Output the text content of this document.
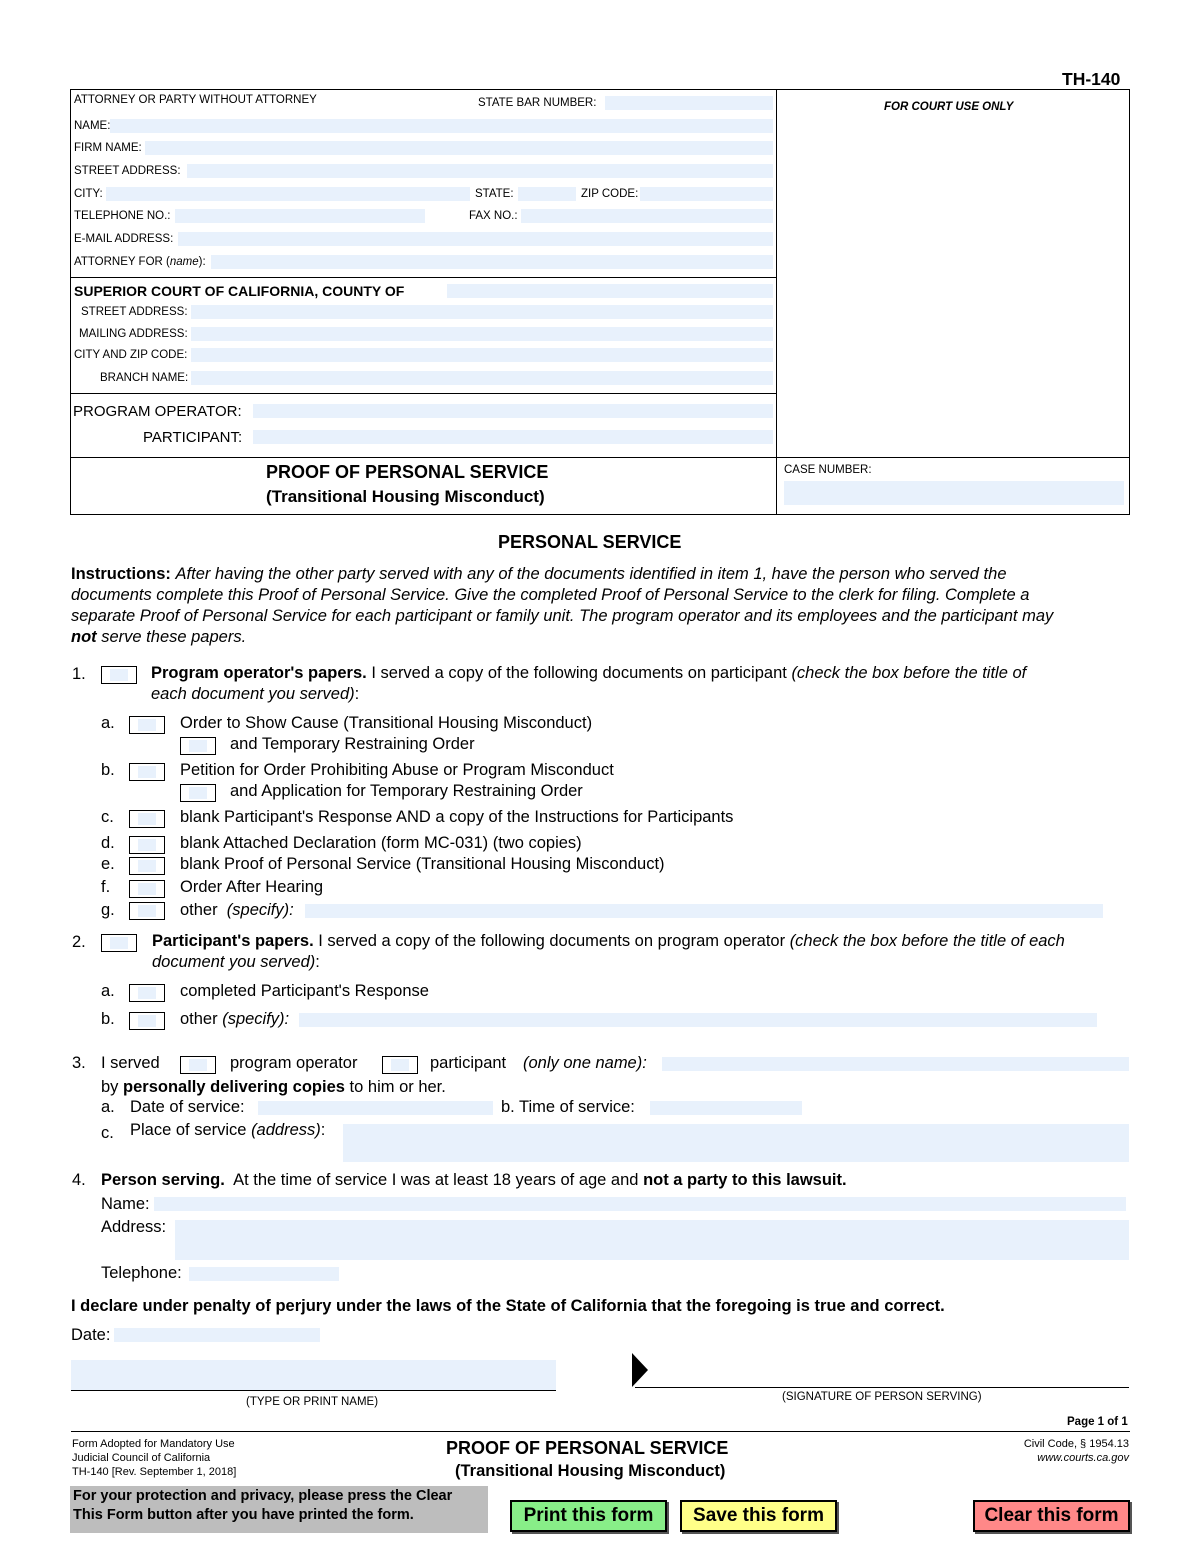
TH-140
ATTORNEY OR PARTY WITHOUT ATTORNEY	STATE BAR NUMBER:
NAME:
FIRM NAME:
STREET ADDRESS:
CITY:	STATE:	ZIP CODE:
TELEPHONE NO.:	FAX NO.:
E-MAIL ADDRESS:
ATTORNEY FOR (name):
FOR COURT USE ONLY
SUPERIOR COURT OF CALIFORNIA, COUNTY OF
STREET ADDRESS:
MAILING ADDRESS:
CITY AND ZIP CODE:
BRANCH NAME:
PROGRAM OPERATOR:
PARTICIPANT:
PROOF OF PERSONAL SERVICE
(Transitional Housing Misconduct)
CASE NUMBER:
PERSONAL SERVICE
Instructions: After having the other party served with any of the documents identified in item 1, have the person who served the
documents complete this Proof of Personal Service. Give the completed Proof of Personal Service to the clerk for filing. Complete a
separate Proof of Personal Service for each participant or family unit. The program operator and its employees and the participant may
not serve these papers.
1.	Program operator's papers. I served a copy of the following documents on participant (check the box before the title of
each document you served):
a.	Order to Show Cause (Transitional Housing Misconduct)
and Temporary Restraining Order
b.	Petition for Order Prohibiting Abuse or Program Misconduct
and Application for Temporary Restraining Order
c.	blank Participant's Response AND a copy of the Instructions for Participants
d.	blank Attached Declaration (form MC-031) (two copies)
e.	blank Proof of Personal Service (Transitional Housing Misconduct)
f.	Order After Hearing
g.	other (specify):
2.	Participant's papers. I served a copy of the following documents on program operator (check the box before the title of each
document you served):
a.	completed Participant's Response
b.	other (specify):
3. I served	program operator	participant (only one name):
by personally delivering copies to him or her.
a. Date of service:	b. Time of service:
c. Place of service (address):
4. Person serving. At the time of service I was at least 18 years of age and not a party to this lawsuit.
Name:
Address:
Telephone:
I declare under penalty of perjury under the laws of the State of California that the foregoing is true and correct.
Date:
(TYPE OR PRINT NAME)	(SIGNATURE OF PERSON SERVING)
Page 1 of 1
Form Adopted for Mandatory Use
Judicial Council of California
TH-140 [Rev. September 1, 2018]
PROOF OF PERSONAL SERVICE
(Transitional Housing Misconduct)
Civil Code, § 1954.13
www.courts.ca.gov
For your protection and privacy, please press the Clear
This Form button after you have printed the form.	Print this form	Save this form	Clear this form
